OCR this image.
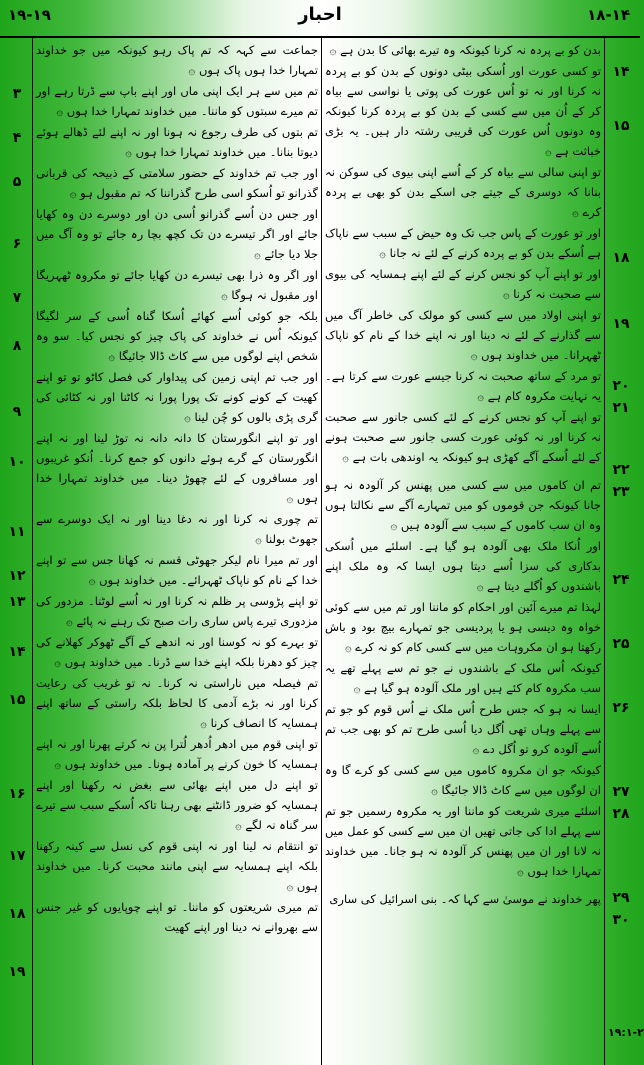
۱۹-۱۹	احبار	۱۸-۱۴

بدن کو بے پردہ نہ کرنا کیونکہ وہ تیرے بھائی کا بدن ہے ۞

تو کسی عورت اور اُسکی بیٹی دونوں کے بدن کو بے پردہ نہ کرنا اور نہ تو اُس عورت کی پوتی یا نواسی سے بیاہ کر کے اُن میں سے کسی کے بدن کو بے پردہ کرنا کیونکہ وہ دونوں اُس عورت کی قریبی رشتہ دار ہیں۔ یہ بڑی خباثت ہے ۞

تو اپنی سالی سے بیاہ کر کے اُسے اپنی بیوی کی سوکن نہ بنانا کہ دوسری کے جیتے جی اسکے بدن کو بھی بے پردہ کرے ۞

اور تو عورت کے پاس جب تک وہ حیض کے سبب سے ناپاک ہے اُسکے بدن کو بے پردہ کرنے کے لئے نہ جانا ۞

اور تو اپنے آپ کو نجس کرنے کے لئے اپنے ہمسایہ کی بیوی سے صحبت نہ کرنا ۞

تو اپنی اولاد میں سے کسی کو مولک کی خاطر آگ میں سے گذارنے کے لئے نہ دینا اور نہ اپنے خدا کے نام کو ناپاک ٹھہرانا۔ میں خداوند ہوں ۞

تو مرد کے ساتھ صحبت نہ کرنا جیسے عورت سے کرتا ہے۔ یہ نہایت مکروہ کام ہے ۞

تو اپنے آپ کو نجس کرنے کے لئے کسی جانور سے صحبت نہ کرنا اور نہ کوئی عورت کسی جانور سے صحبت ہونے کے لئے اُسکے آگے کھڑی ہو کیونکہ یہ اوندھی بات ہے ۞

تم ان کاموں میں سے کسی میں پھنس کر آلودہ نہ ہو جانا کیونکہ جن قوموں کو میں تمہارے آگے سے نکالتا ہوں وہ ان سب کاموں کے سبب سے آلودہ ہیں ۞

اور اُنکا ملک بھی آلودہ ہو گیا ہے۔ اسلئے میں اُسکی بدکاری کی سزا اُسے دیتا ہوں ایسا کہ وہ ملک اپنے باشندوں کو اُگلے دیتا ہے ۞

لہذا تم میرے آئین اور احکام کو ماننا اور تم میں سے کوئی خواہ وہ دیسی ہو یا پردیسی جو تمہارے بیچ بود و باش رکھتا ہو ان مکروہات میں سے کسی کام کو نہ کرے ۞

کیونکہ اُس ملک کے باشندوں نے جو تم سے پہلے تھے یہ سب مکروہ کام کئے ہیں اور ملک آلودہ ہو گیا ہے ۞

ایسا نہ ہو کہ جس طرح اُس ملک نے اُس قوم کو جو تم سے پہلے وہاں تھی اُگل دیا اُسی طرح تم کو بھی جب تم اُسے آلودہ کرو تو اُگل دے ۞

کیونکہ جو ان مکروہ کاموں میں سے کسی کو کرے گا وہ ان لوگوں میں سے کاٹ ڈالا جائیگا ۞

اسلئے میری شریعت کو ماننا اور یہ مکروہ رسمیں جو تم سے پہلے ادا کی جاتی تھیں ان میں سے کسی کو عمل میں نہ لانا اور ان میں پھنس کر آلودہ نہ ہو جانا۔ میں خداوند تمہارا خدا ہوں ۞

پھر خداوند نے موسیٰ سے کہا کہ۔ بنی اسرائیل کی ساری

جماعت سے کہہ کہ تم پاک رہو کیونکہ میں جو خداوند تمہارا خدا ہوں پاک ہوں ۞

تم میں سے ہر ایک اپنی ماں اور اپنے باپ سے ڈرتا رہے اور تم میرے سبتوں کو ماننا۔ میں خداوند تمہارا خدا ہوں ۞

تم بتوں کی طرف رجوع نہ ہونا اور نہ اپنے لئے ڈھالے ہوئے دیوتا بنانا۔ میں خداوند تمہارا خدا ہوں ۞

اور جب تم خداوند کے حضور سلامتی کے ذبیحہ کی قربانی گذرانو تو اُسکو اسی طرح گذراننا کہ تم مقبول ہو ۞

اور جس دن اُسے گذرانو اُسی دن اور دوسرے دن وہ کھایا جائے اور اگر تیسرے دن تک کچھ بچا رہ جائے تو وہ آگ میں جلا دیا جائے ۞

اور اگر وہ ذرا بھی تیسرے دن کھایا جائے تو مکروہ ٹھہریگا اور مقبول نہ ہوگا ۞

بلکہ جو کوئی اُسے کھائے اُسکا گناہ اُسی کے سر لگیگا کیونکہ اُس نے خداوند کی پاک چیز کو نجس کیا۔ سو وہ شخص اپنے لوگوں میں سے کاٹ ڈالا جائیگا ۞

اور جب تم اپنی زمین کی پیداوار کی فصل کاٹو تو تو اپنے کھیت کے کونے کونے تک پورا پورا نہ کاٹنا اور نہ کٹائی کی گری پڑی بالوں کو چُن لینا ۞

اور تو اپنے انگورستان کا دانہ دانہ نہ توڑ لینا اور نہ اپنے انگورستان کے گرے ہوئے دانوں کو جمع کرنا۔ اُنکو غریبوں اور مسافروں کے لئے چھوڑ دینا۔ میں خداوند تمہارا خدا ہوں ۞

تم چوری نہ کرنا اور نہ دغا دینا اور نہ ایک دوسرے سے جھوٹ بولنا ۞

اور تم میرا نام لیکر جھوٹی قسم نہ کھانا جس سے تو اپنے خدا کے نام کو ناپاک ٹھہرائے۔ میں خداوند ہوں ۞

تو اپنے پڑوسی پر ظلم نہ کرنا اور نہ اُسے لوٹنا۔ مزدور کی مزدوری تیرے پاس ساری رات صبح تک رہنے نہ پائے ۞

تو بہرے کو نہ کوسنا اور نہ اندھے کے آگے ٹھوکر کھلانے کی چیز کو دھرنا بلکہ اپنے خدا سے ڈرنا۔ میں خداوند ہوں ۞

تم فیصلہ میں ناراستی نہ کرنا۔ نہ تو غریب کی رعایت کرنا اور نہ بڑے آدمی کا لحاظ بلکہ راستی کے ساتھ اپنے ہمسایہ کا انصاف کرنا ۞

تو اپنی قوم میں ادھر اُدھر لُترا پن نہ کرتے پھرنا اور نہ اپنے ہمسایہ کا خون کرنے پر آمادہ ہونا۔ میں خداوند ہوں ۞

تو اپنے دل میں اپنے بھائی سے بغض نہ رکھنا اور اپنے ہمسایہ کو ضرور ڈانٹنے بھی رہنا تاکہ اُسکے سبب سے تیرے سر گناہ نہ لگے ۞

تو انتقام نہ لینا اور نہ اپنی قوم کی نسل سے کینہ رکھنا بلکہ اپنے ہمسایہ سے اپنی مانند محبت کرنا۔ میں خداوند ہوں ۞

تم میری شریعتوں کو ماننا۔ تو اپنے چوپایوں کو غیر جنس سے بھروانے نہ دینا اور اپنے کھیت

۱۴
۱۵
۱۸
۱۹
۲۰
۲۱
۲۲
۲۳
۲۴
۲۵
۲۶
۲۷
۲۸
۲۹
۳۰
۱۹:۱-۲
۳
۴
۵
۶
۷
۸
۹
۱۰
۱۱
۱۲
۱۳
۱۴
۱۵
۱۶
۱۷
۱۸
۱۹
